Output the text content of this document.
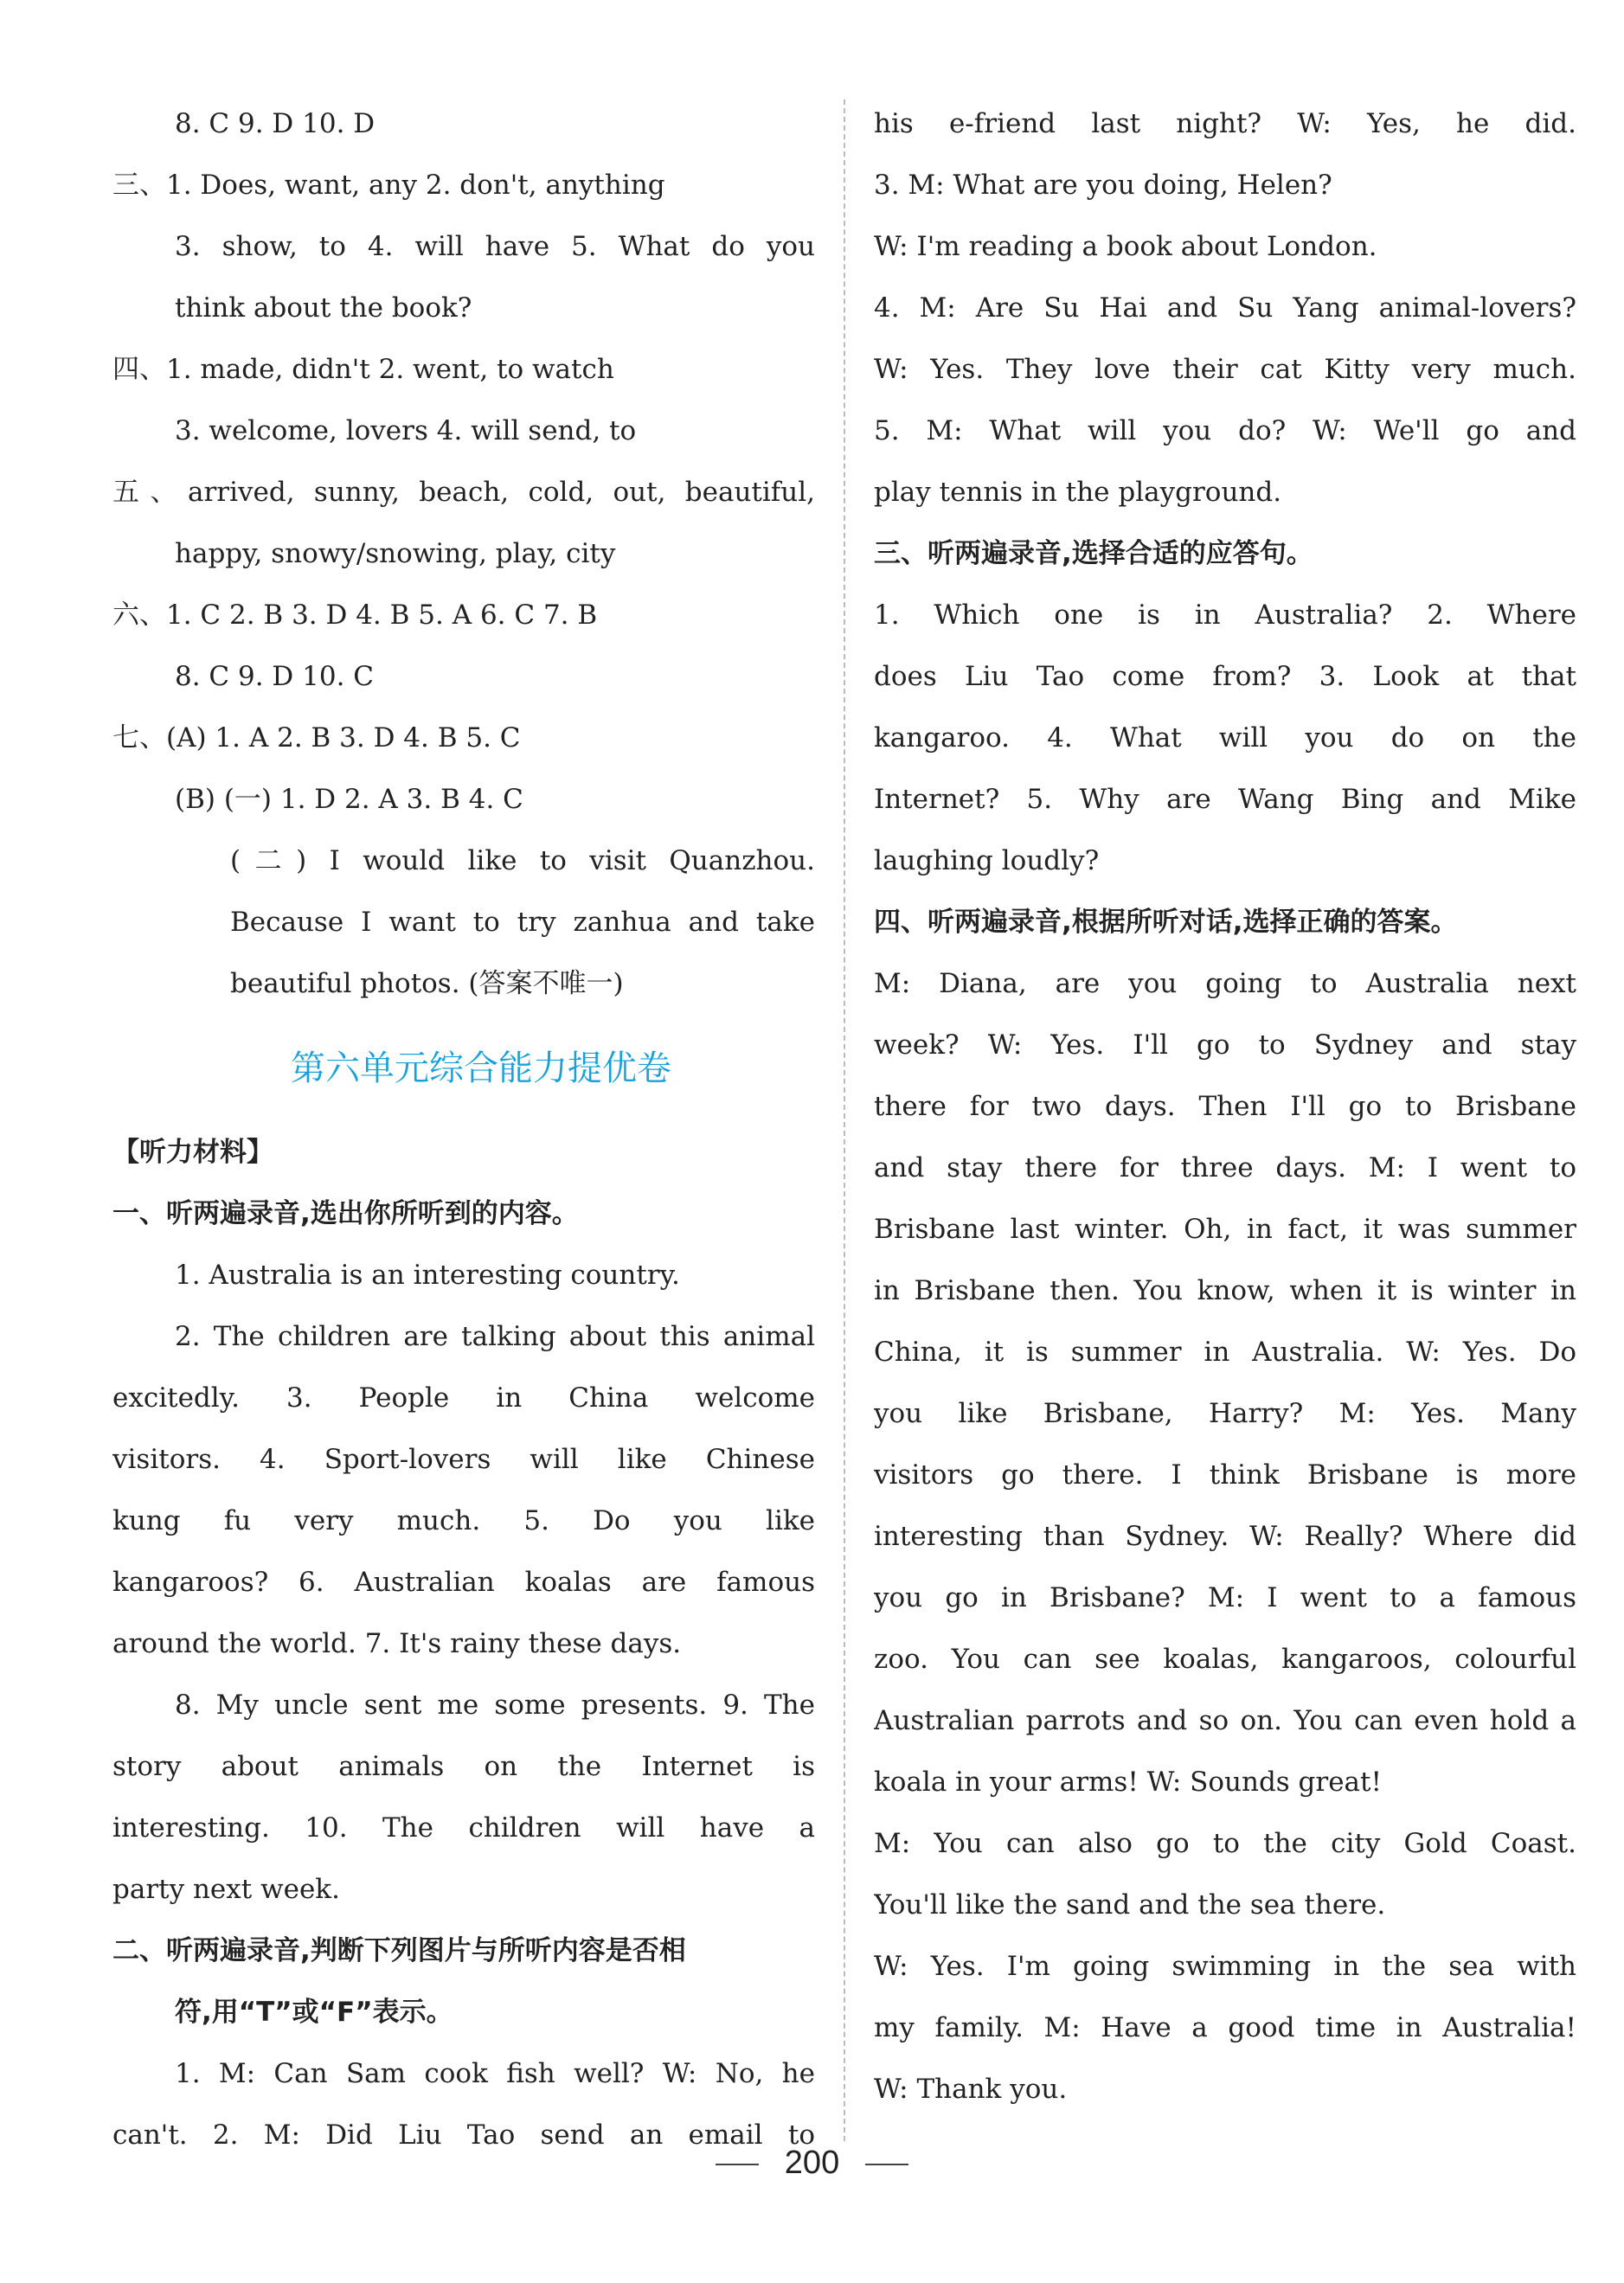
8. C 9. D 10. D
三、1. Does, want, any 2. don't, anything
3. show, to 4. will have 5. What do you
think about the book?
四、1. made, didn't 2. went, to watch
3. welcome, lovers 4. will send, to
五、arrived, sunny, beach, cold, out, beautiful,
happy, snowy/snowing, play, city
六、1. C 2. B 3. D 4. B 5. A 6. C 7. B
8. C 9. D 10. C
七、(A) 1. A 2. B 3. D 4. B 5. C
(B) (一) 1. D 2. A 3. B 4. C
(二) I would like to visit Quanzhou.
Because I want to try zanhua and take
beautiful photos. (答案不唯一)
第六单元综合能力提优卷
【听力材料】
一、听两遍录音,选出你所听到的内容。
1. Australia is an interesting country.
2. The children are talking about this animal
excitedly. 3. People in China welcome
visitors. 4. Sport-lovers will like Chinese
kung fu very much. 5. Do you like
kangaroos? 6. Australian koalas are famous
around the world. 7. It's rainy these days.
8. My uncle sent me some presents. 9. The
story about animals on the Internet is
interesting. 10. The children will have a
party next week.
二、听两遍录音,判断下列图片与所听内容是否相
符,用“T”或“F”表示。
1. M: Can Sam cook fish well? W: No, he
can't. 2. M: Did Liu Tao send an email to
his e-friend last night? W: Yes, he did.
3. M: What are you doing, Helen?
W: I'm reading a book about London.
4. M: Are Su Hai and Su Yang animal-lovers?
W: Yes. They love their cat Kitty very much.
5. M: What will you do? W: We'll go and
play tennis in the playground.
三、听两遍录音,选择合适的应答句。
1. Which one is in Australia? 2. Where
does Liu Tao come from? 3. Look at that
kangaroo. 4. What will you do on the
Internet? 5. Why are Wang Bing and Mike
laughing loudly?
四、听两遍录音,根据所听对话,选择正确的答案。
M: Diana, are you going to Australia next
week? W: Yes. I'll go to Sydney and stay
there for two days. Then I'll go to Brisbane
and stay there for three days. M: I went to
Brisbane last winter. Oh, in fact, it was summer
in Brisbane then. You know, when it is winter in
China, it is summer in Australia. W: Yes. Do
you like Brisbane, Harry? M: Yes. Many
visitors go there. I think Brisbane is more
interesting than Sydney. W: Really? Where did
you go in Brisbane? M: I went to a famous
zoo. You can see koalas, kangaroos, colourful
Australian parrots and so on. You can even hold a
koala in your arms! W: Sounds great!
M: You can also go to the city Gold Coast.
You'll like the sand and the sea there.
W: Yes. I'm going swimming in the sea with
my family. M: Have a good time in Australia!
W: Thank you.
200
